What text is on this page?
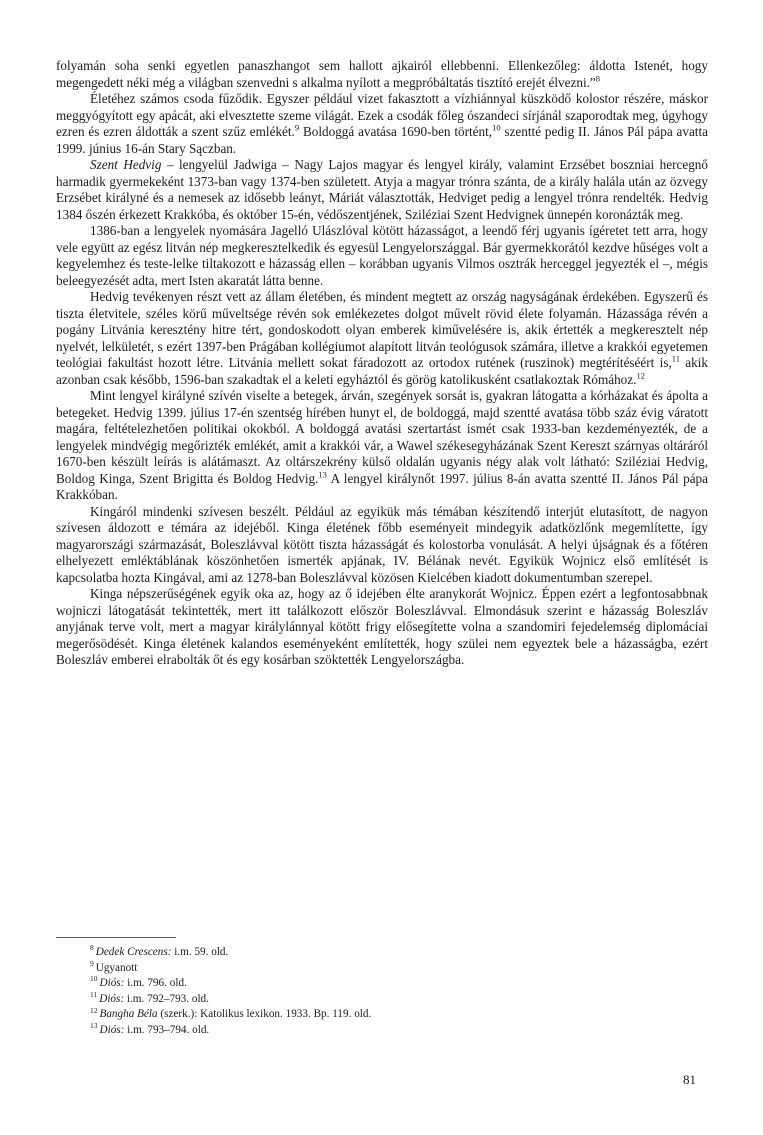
folyamán soha senki egyetlen panaszhangot sem hallott ajkairól ellebbenni. Ellenkezőleg: áldotta Istenét, hogy megengedett néki még a világban szenvedni s alkalma nyílott a megpróbáltatás tisztító erejét élvezni.”$^8$

Életéhez számos csoda fűződik. Egyszer például vizet fakasztott a vízhiánnyal küszködő kolostor részére, máskor meggyógyított egy apácát, aki elvesztette szeme világát. Ezek a csodák főleg ószandeci sírjánál szaporodtak meg, úgyhogy ezren és ezren áldották a szent szűz emlékét.$^9$ Boldoggá avatása 1690-ben történt,$^{10}$ szentté pedig II. János Pál pápa avatta 1999. június 16-án Stary Sączban.

Szent Hedvig – lengyelül Jadwiga – Nagy Lajos magyar és lengyel király, valamint Erzsébet boszniai hercegnő harmadik gyermekeként 1373-ban vagy 1374-ben született. Atyja a magyar trónra szánta, de a király halála után az özvegy Erzsébet királyné és a nemesek az idősebb leányt, Máriát választották, Hedviget pedig a lengyel trónra rendelték. Hedvig 1384 őszén érkezett Krakkóba, és október 15-én, védőszentjének, Sziléziai Szent Hedvignek ünnepén koronázták meg.

1386-ban a lengyelek nyomására Jagelló Ulászlóval kötött házasságot, a leendő férj ugyanis ígéretet tett arra, hogy vele együtt az egész litván nép megkeresztelkedik és egyesül Lengyelországgal. Bár gyermekkorától kezdve hűséges volt a kegyelemhez és teste-lelke tiltakozott e házasság ellen – korábban ugyanis Vilmos osztrák herceggel jegyezték el –, mégis beleegyezését adta, mert Isten akaratát látta benne.

Hedvig tevékenyen részt vett az állam életében, és mindent megtett az ország nagyságának érdekében. Egyszerű és tiszta életvitele, széles körű műveltsége révén sok emlékezetes dolgot művelt rövid élete folyamán. Házassága révén a pogány Litvánia keresztény hitre tért, gondoskodott olyan emberek kiművelésére is, akik értették a megkeresztelt nép nyelvét, lelkületét, s ezért 1397-ben Prágában kollégiumot alapított litván teológusok számára, illetve a krakkói egyetemen teológiai fakultást hozott létre. Litvánia mellett sokat fáradozott az ortodox rutének (ruszinok) megtérítéséért is,$^{11}$ akik azonban csak később, 1596-ban szakadtak el a keleti egyháztól és görög katolikusként csatlakoztak Rómához.$^{12}$

Mint lengyel királyné szívén viselte a betegek, árván, szegények sorsát is, gyakran látogatta a kórházakat és ápolta a betegeket. Hedvig 1399. július 17-én szentség hírében hunyt el, de boldoggá, majd szentté avatása több száz évig váratott magára, feltételezhetően politikai okokból. A boldoggá avatási szertartást ismét csak 1933-ban kezdeményezték, de a lengyelek mindvégig megőrizték emlékét, amit a krakkói vár, a Wawel székesegyházának Szent Kereszt szárnyas oltáráról 1670-ben készült leírás is alátámaszt. Az oltárszekrény külső oldalán ugyanis négy alak volt látható: Sziléziai Hedvig, Boldog Kinga, Szent Brigitta és Boldog Hedvig.$^{13}$ A lengyel királynőt 1997. július 8-án avatta szentté II. János Pál pápa Krakkóban.

Kingáról mindenki szívesen beszélt. Például az egyikük más témában készítendő interjút elutasított, de nagyon szívesen áldozott e témára az idejéből. Kinga életének főbb eseményeit mindegyik adatközlőnk megemlítette, így magyarországi származását, Boleszlávval kötött tiszta házasságát és kolostorba vonulását. A helyi újságnak és a főtéren elhelyezett emléktáblának köszönhetően ismerték apjának, IV. Bélának nevét. Egyikük Wojnicz első említését is kapcsolatba hozta Kingával, ami az 1278-ban Boleszlávval közösen Kielcében kiadott dokumentumban szerepel.

Kinga népszerűségének egyik oka az, hogy az ő idejében élte aranykorát Wojnicz. Éppen ezért a legfontosabbnak wojniczi látogatását tekintették, mert itt találkozott először Boleszlávval. Elmondásuk szerint e házasság Boleszláv anyjának terve volt, mert a magyar királylánnyal kötött frigy elősegítette volna a szandomiri fejedelemség diplomáciai megerősödését. Kinga életének kalandos eseményeként említették, hogy szülei nem egyeztek bele a házasságba, ezért Boleszláv emberei elrabolták őt és egy kosárban szöktették Lengyelországba.

$^8$ Dedek Crescens: i.m. 59. old.

$^9$ Ugyanott

$^{10}$ Diós: i.m. 796. old.

$^{11}$ Diós: i.m. 792–793. old.

$^{12}$ Bangha Béla (szerk.): Katolikus lexikon. 1933. Bp. 119. old.

$^{13}$ Diós: i.m. 793–794. old.

81
